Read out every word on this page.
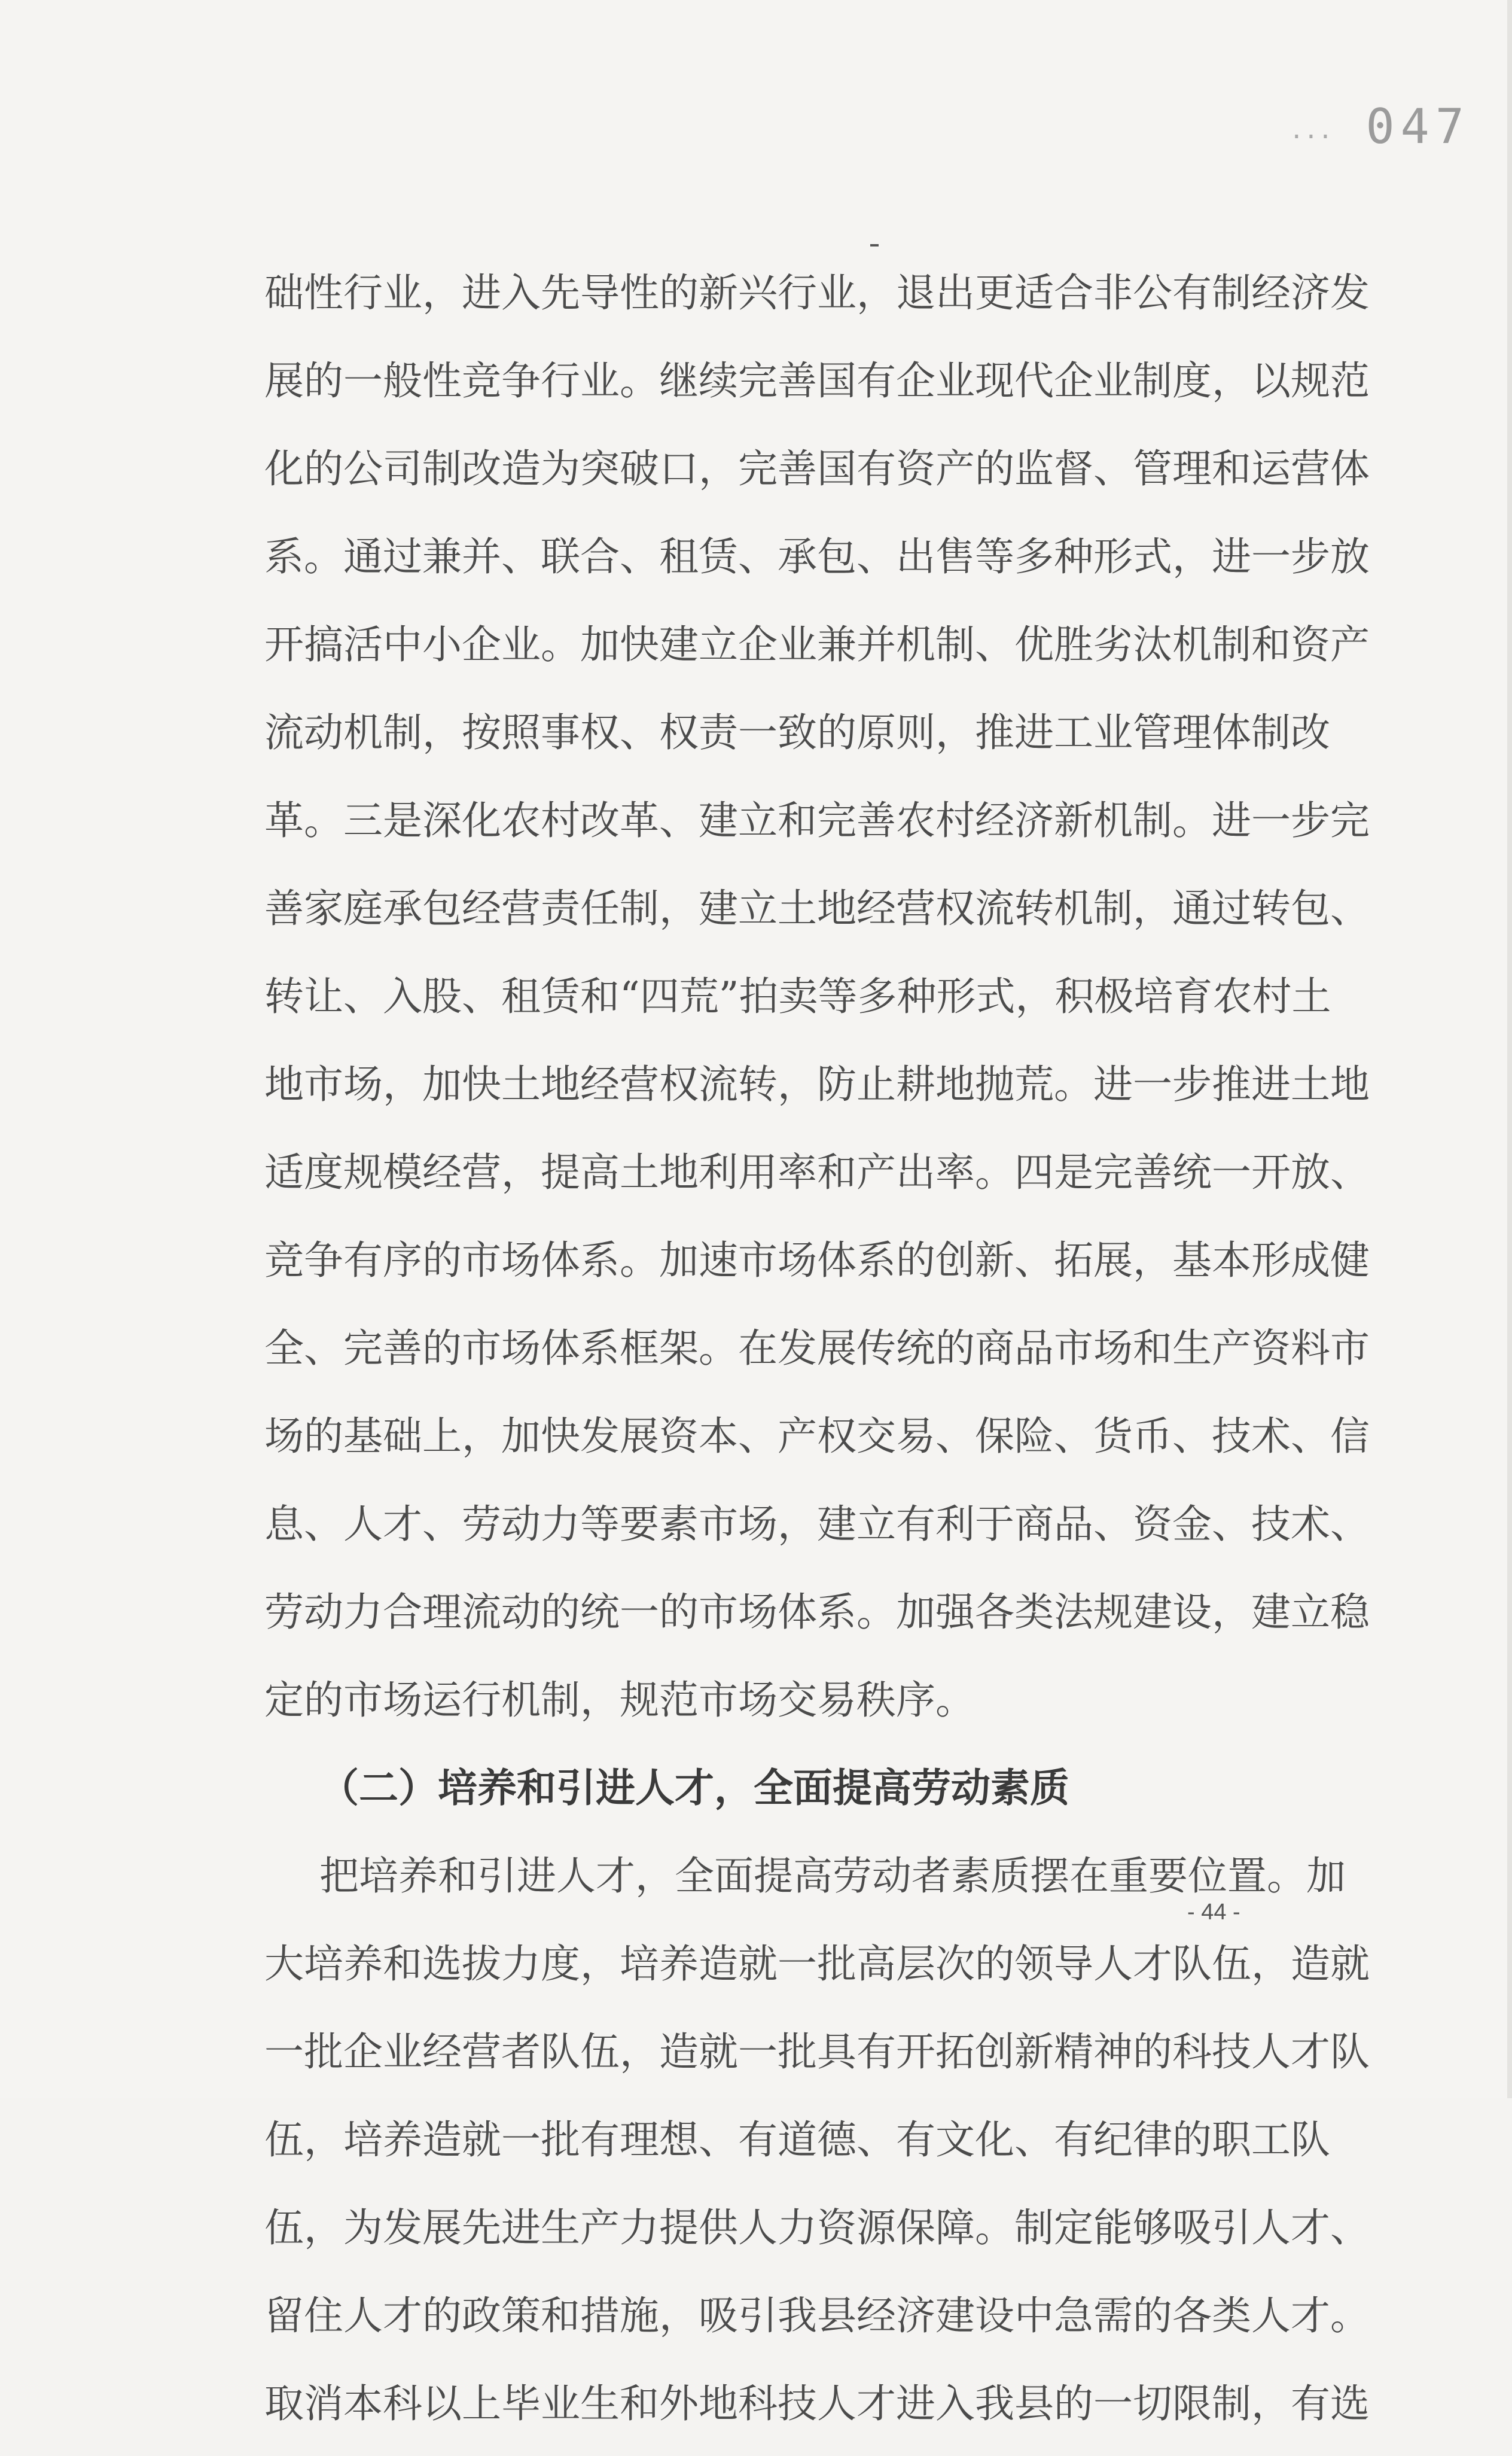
... 047
础性行业，进入先导性的新兴行业，退出更适合非公有制经济发
展的一般性竞争行业。继续完善国有企业现代企业制度，以规范
化的公司制改造为突破口，完善国有资产的监督、管理和运营体
系。通过兼并、联合、租赁、承包、出售等多种形式，进一步放
开搞活中小企业。加快建立企业兼并机制、优胜劣汰机制和资产
流动机制，按照事权、权责一致的原则，推进工业管理体制改
革。三是深化农村改革、建立和完善农村经济新机制。进一步完
善家庭承包经营责任制，建立土地经营权流转机制，通过转包、
转让、入股、租赁和“四荒”拍卖等多种形式，积极培育农村土
地市场，加快土地经营权流转，防止耕地抛荒。进一步推进土地
适度规模经营，提高土地利用率和产出率。四是完善统一开放、
竞争有序的市场体系。加速市场体系的创新、拓展，基本形成健
全、完善的市场体系框架。在发展传统的商品市场和生产资料市
场的基础上，加快发展资本、产权交易、保险、货币、技术、信
息、人才、劳动力等要素市场，建立有利于商品、资金、技术、
劳动力合理流动的统一的市场体系。加强各类法规建设，建立稳
定的市场运行机制，规范市场交易秩序。
（二）培养和引进人才，全面提高劳动素质
把培养和引进人才，全面提高劳动者素质摆在重要位置。加
大培养和选拔力度，培养造就一批高层次的领导人才队伍，造就
一批企业经营者队伍，造就一批具有开拓创新精神的科技人才队
伍，培养造就一批有理想、有道德、有文化、有纪律的职工队
伍，为发展先进生产力提供人力资源保障。制定能够吸引人才、
留住人才的政策和措施，吸引我县经济建设中急需的各类人才。
取消本科以上毕业生和外地科技人才进入我县的一切限制，有选
- 44 -
